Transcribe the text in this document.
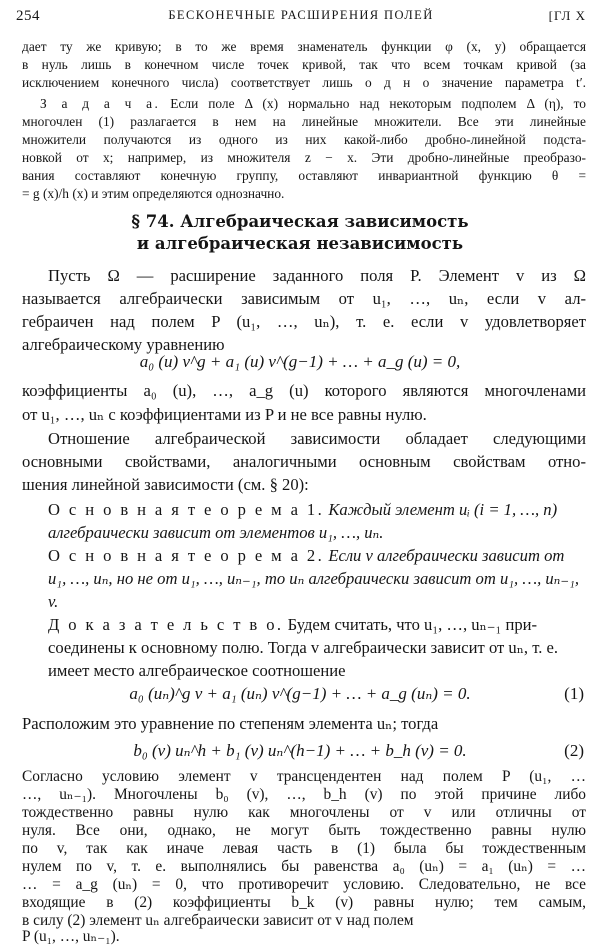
254	БЕСКОНЕЧНЫЕ РАСШИРЕНИЯ ПОЛЕЙ	[ГЛ X
дает ту же кривую; в то же время знаменатель функции φ (x, y) обращается
в нуль лишь в конечном числе точек кривой, так что всем точкам кривой (за
исключением конечного числа) соответствует лишь о д н о значение параметра t′.
З а д а ч а. Если поле Δ (x) нормально над некоторым подполем Δ (η), то
многочлен (1) разлагается в нем на линейные множители. Все эти линейные
множители получаются из одного из них какой-либо дробно-линейной подста-
новкой от x; например, из множителя z − x. Эти дробно-линейные преобразо-
вания составляют конечную группу, оставляют инвариантной функцию θ =
= g (x)/h (x) и этим определяются однозначно.
§ 74. Алгебраическая зависимость
и алгебраическая независимость
Пусть Ω — расширение заданного поля P. Элемент v из Ω
называется алгебраически зависимым от u₁, …, uₙ, если v ал-
гебраичен над полем P (u₁, …, uₙ), т. е. если v удовлетворяет
алгебраическому уравнению
a₀ (u) v^g + a₁ (u) v^(g−1) + … + a_g (u) = 0,
коэффициенты a₀ (u), …, a_g (u) которого являются многочленами
от u₁, …, uₙ с коэффициентами из P и не все равны нулю.
Отношение алгебраической зависимости обладает следующими
основными свойствами, аналогичными основным свойствам отно-
шения линейной зависимости (см. § 20):
О с н о в н а я т е о р е м а 1. Каждый элемент uᵢ (i = 1, …, n) алгебраически зависит от элементов u₁, …, uₙ.
О с н о в н а я т е о р е м а 2. Если v алгебраически зависит от u₁, …, uₙ, но не от u₁, …, uₙ₋₁, то uₙ алгебраически зависит от u₁, …, uₙ₋₁, v.
Д о к а з а т е л ь с т в о. Будем считать, что u₁, …, uₙ₋₁ при- соединены к основному полю. Тогда v алгебраически зависит от uₙ, т. е. имеет место алгебраическое соотношение
a₀ (uₙ)^g v + a₁ (uₙ) v^(g−1) + … + a_g (uₙ) = 0.	(1)
Расположим это уравнение по степеням элемента uₙ; тогда
b₀ (v) uₙ^h + b₁ (v) uₙ^(h−1) + … + b_h (v) = 0.	(2)
Согласно условию элемент v трансцендентен над полем P (u₁, …
…, uₙ₋₁). Многочлены b₀ (v), …, b_h (v) по этой причине либо
тождественно равны нулю как многочлены от v или отличны от
нуля. Все они, однако, не могут быть тождественно равны нулю
по v, так как иначе левая часть в (1) была бы тождественным
нулем по v, т. е. выполнялись бы равенства a₀ (uₙ) = a₁ (uₙ) = …
… = a_g (uₙ) = 0, что противоречит условию. Следовательно, не все
входящие в (2) коэффициенты b_k (v) равны нулю; тем самым,
в силу (2) элемент uₙ алгебраически зависит от v над полем
P (u₁, …, uₙ₋₁).
